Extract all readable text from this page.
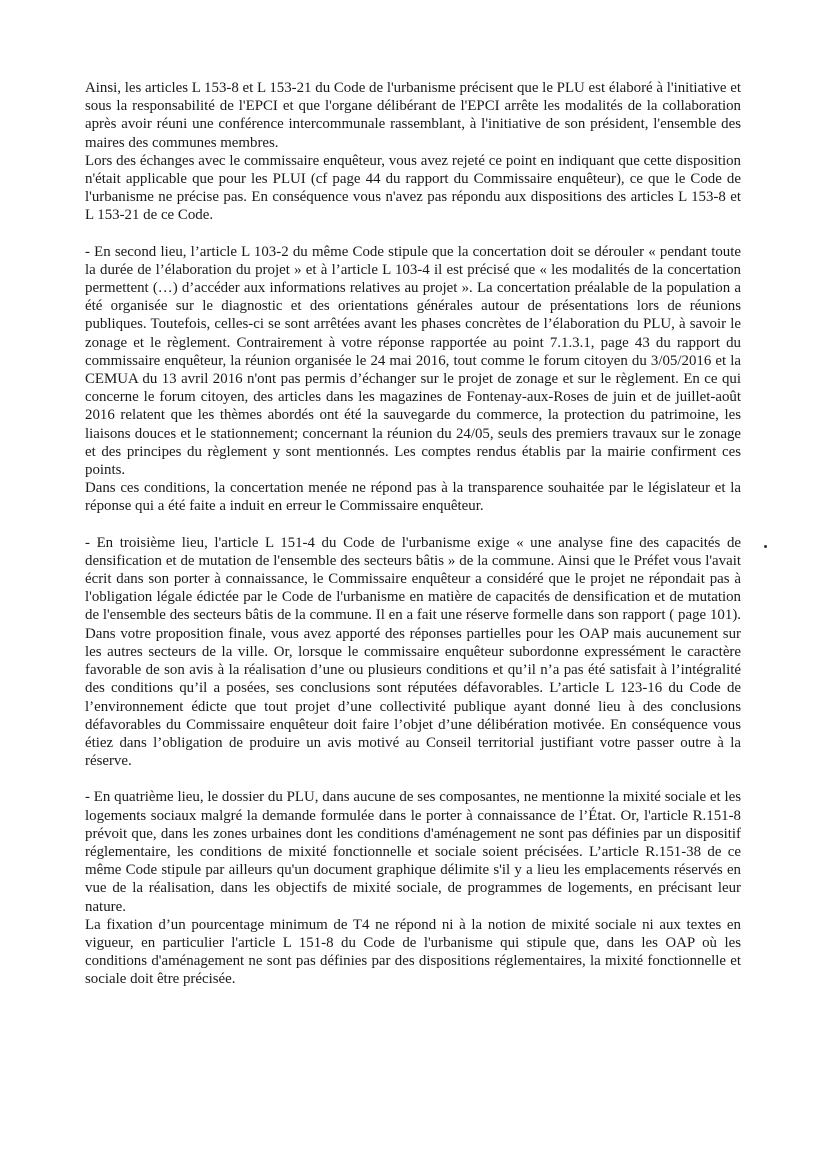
Ainsi, les articles L 153-8 et L 153-21 du Code de l'urbanisme précisent que le PLU est élaboré à l'initiative et sous la responsabilité de l'EPCI et que l'organe délibérant de l'EPCI arrête les modalités de la collaboration après avoir réuni une conférence intercommunale rassemblant, à l'initiative de son président, l'ensemble des maires des communes membres.

Lors des échanges avec le commissaire enquêteur, vous avez rejeté ce point en indiquant que cette disposition n'était applicable que pour les PLUI (cf page 44 du rapport du Commissaire enquêteur), ce que le Code de l'urbanisme ne précise pas. En conséquence vous n'avez pas répondu aux dispositions des articles L 153-8 et L 153-21 de ce Code.

- En second lieu, l’article L 103-2 du même Code stipule que la concertation doit se dérouler « pendant toute la durée de l’élaboration du projet » et à l’article L 103-4 il est précisé que « les modalités de la concertation permettent (…) d’accéder aux informations relatives au projet ». La concertation préalable de la population a été organisée sur le diagnostic et des orientations générales autour de présentations lors de réunions publiques. Toutefois, celles-ci se sont arrêtées avant les phases concrètes de l’élaboration du PLU, à savoir le zonage et le règlement. Contrairement à votre réponse rapportée au point 7.1.3.1, page 43 du rapport du commissaire enquêteur, la réunion organisée le 24 mai 2016, tout comme le forum citoyen du 3/05/2016 et la CEMUA du 13 avril 2016 n'ont pas permis d’échanger sur le projet de zonage et sur le règlement. En ce qui concerne le forum citoyen, des articles dans les magazines de Fontenay-aux-Roses de juin et de juillet-août 2016 relatent que les thèmes abordés ont été la sauvegarde du commerce, la protection du patrimoine, les liaisons douces et le stationnement; concernant la réunion du 24/05, seuls des premiers travaux sur le zonage et des principes du règlement y sont mentionnés. Les comptes rendus établis par la mairie confirment ces points.

Dans ces conditions, la concertation menée ne répond pas à la transparence souhaitée par le législateur et la réponse qui a été faite a induit en erreur le Commissaire enquêteur.

- En troisième lieu, l'article L 151-4 du Code de l'urbanisme exige « une analyse fine des capacités de densification et de mutation de l'ensemble des secteurs bâtis » de la commune. Ainsi que le Préfet vous l'avait écrit dans son porter à connaissance, le Commissaire enquêteur a considéré que le projet ne répondait pas à l'obligation légale édictée par le Code de l'urbanisme en matière de capacités de densification et de mutation de l'ensemble des secteurs bâtis de la commune. Il en a fait une réserve formelle dans son rapport ( page 101). Dans votre proposition finale, vous avez apporté des réponses partielles pour les OAP mais aucunement sur les autres secteurs de la ville. Or, lorsque le commissaire enquêteur subordonne expressément le caractère favorable de son avis à la réalisation d’une ou plusieurs conditions et qu’il n’a pas été satisfait à l’intégralité des conditions qu’il a posées, ses conclusions sont réputées défavorables. L’article L 123-16 du Code de l’environnement édicte que tout projet d’une collectivité publique ayant donné lieu à des conclusions défavorables du Commissaire enquêteur doit faire l’objet d’une délibération motivée. En conséquence vous étiez dans l’obligation de produire un avis motivé au Conseil territorial justifiant votre passer outre à la réserve.

- En quatrième lieu, le dossier du PLU, dans aucune de ses composantes, ne mentionne la mixité sociale et les logements sociaux malgré la demande formulée dans le porter à connaissance de l’État. Or, l'article R.151-8 prévoit que, dans les zones urbaines dont les conditions d'aménagement ne sont pas définies par un dispositif réglementaire, les conditions de mixité fonctionnelle et sociale soient précisées. L’article R.151-38 de ce même Code stipule par ailleurs qu'un document graphique délimite s'il y a lieu les emplacements réservés en vue de la réalisation, dans les objectifs de mixité sociale, de programmes de logements, en précisant leur nature.

La fixation d’un pourcentage minimum de T4 ne répond ni à la notion de mixité sociale ni aux textes en vigueur, en particulier l'article L 151-8 du Code de l'urbanisme qui stipule que, dans les OAP où les conditions d'aménagement ne sont pas définies par des dispositions réglementaires, la mixité fonctionnelle et sociale doit être précisée.
